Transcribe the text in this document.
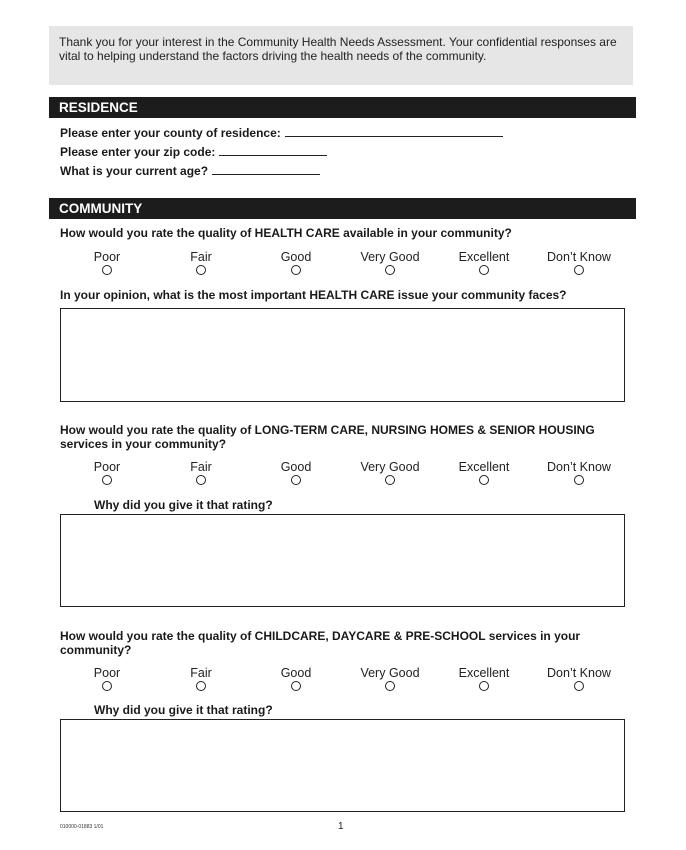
Thank you for your interest in the Community Health Needs Assessment. Your confidential responses are vital to helping understand the factors driving the health needs of the community.
RESIDENCE
Please enter your county of residence:
Please enter your zip code:
What is your current age?
COMMUNITY
How would you rate the quality of HEALTH CARE available in your community?
Poor	Fair	Good	Very Good	Excellent	Don’t Know
In your opinion, what is the most important HEALTH CARE issue your community faces?
How would you rate the quality of LONG-TERM CARE, NURSING HOMES & SENIOR HOUSING services in your community?
Poor	Fair	Good	Very Good	Excellent	Don’t Know
Why did you give it that rating?
How would you rate the quality of CHILDCARE, DAYCARE & PRE-SCHOOL services in your community?
Poor	Fair	Good	Very Good	Excellent	Don’t Know
Why did you give it that rating?
010000-01883 1/01	1
